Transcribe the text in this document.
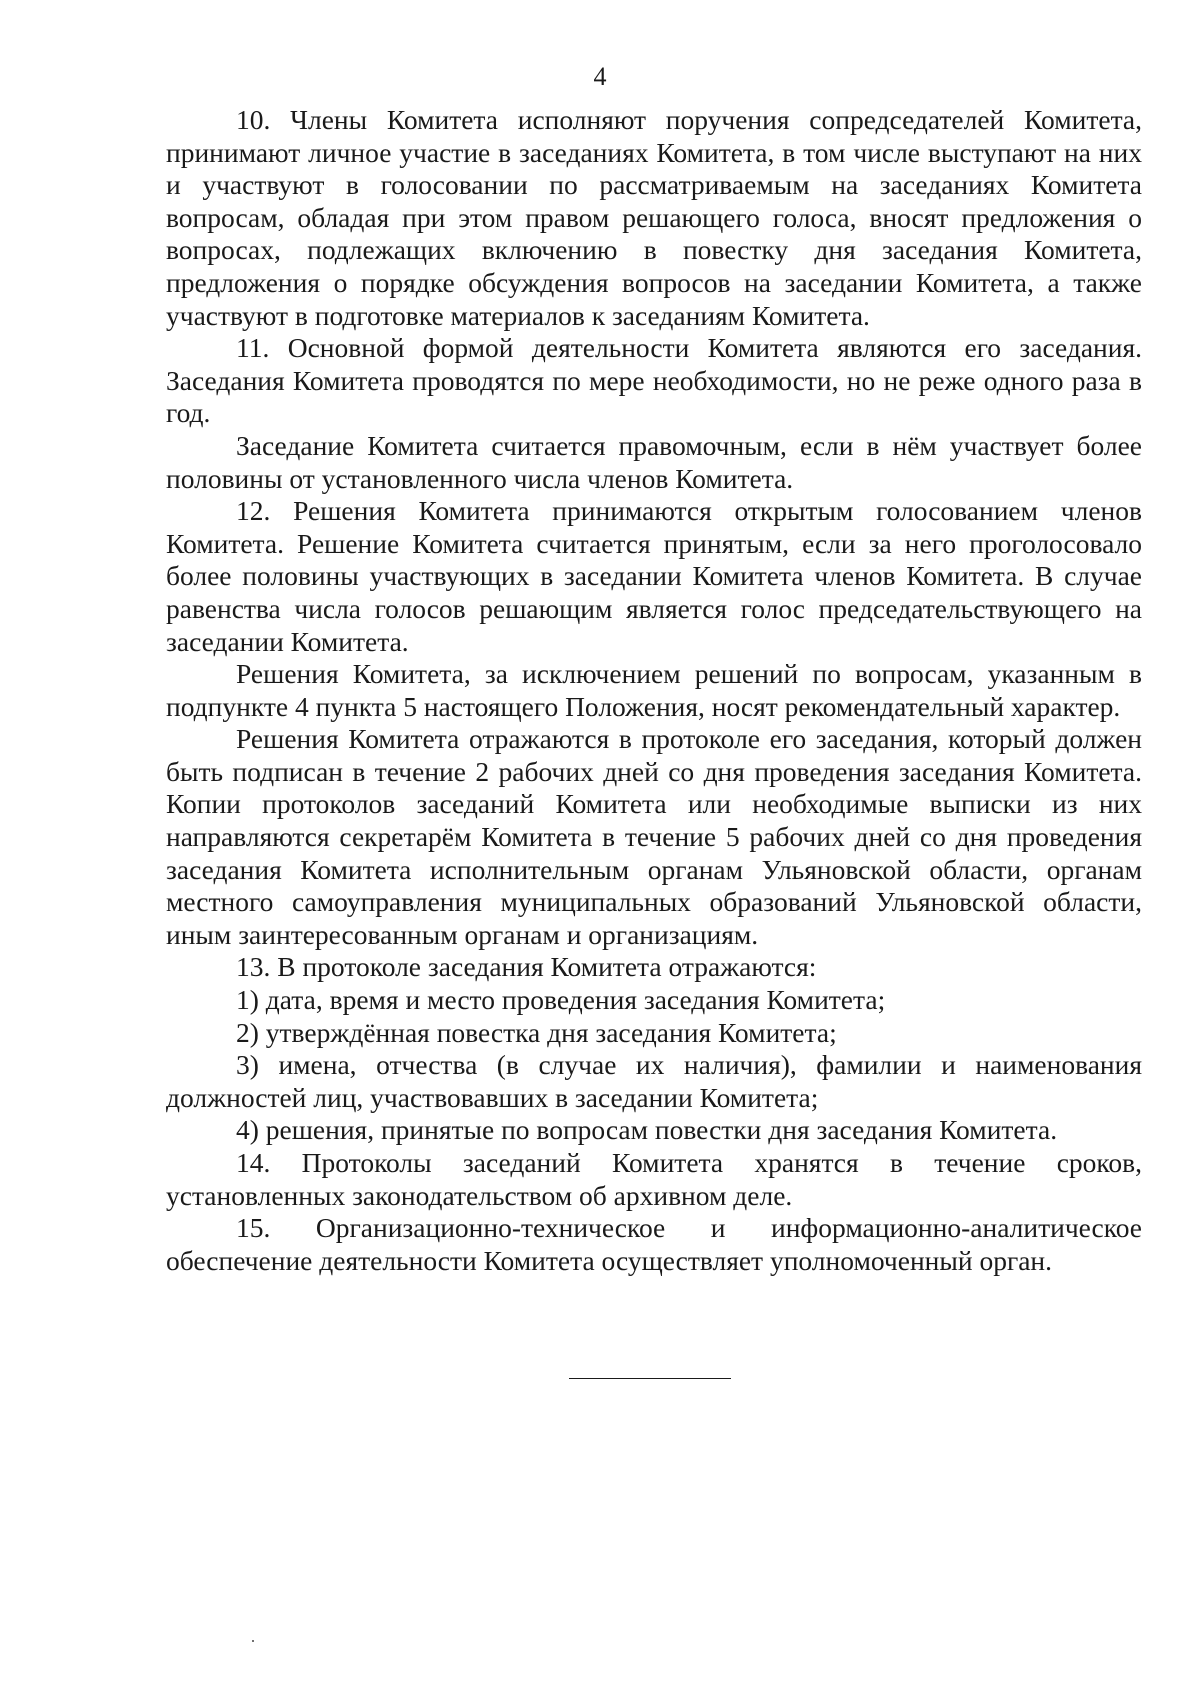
4

10. Члены Комитета исполняют поручения сопредседателей Комитета, принимают личное участие в заседаниях Комитета, в том числе выступают на них и участвуют в голосовании по рассматриваемым на заседаниях Комитета вопросам, обладая при этом правом решающего голоса, вносят предложения о вопросах, подлежащих включению в повестку дня заседания Комитета, предложения о порядке обсуждения вопросов на заседании Комитета, а также участвуют в подготовке материалов к заседаниям Комитета.

11. Основной формой деятельности Комитета являются его заседания. Заседания Комитета проводятся по мере необходимости, но не реже одного раза в год.

Заседание Комитета считается правомочным, если в нём участвует более половины от установленного числа членов Комитета.

12. Решения Комитета принимаются открытым голосованием членов Комитета. Решение Комитета считается принятым, если за него проголосовало более половины участвующих в заседании Комитета членов Комитета. В случае равенства числа голосов решающим является голос председательствующего на заседании Комитета.

Решения Комитета, за исключением решений по вопросам, указанным в подпункте 4 пункта 5 настоящего Положения, носят рекомендательный характер.

Решения Комитета отражаются в протоколе его заседания, который должен быть подписан в течение 2 рабочих дней со дня проведения заседания Комитета. Копии протоколов заседаний Комитета или необходимые выписки из них направляются секретарём Комитета в течение 5 рабочих дней со дня проведения заседания Комитета исполнительным органам Ульяновской области, органам местного самоуправления муниципальных образований Ульяновской области, иным заинтересованным органам и организациям.

13. В протоколе заседания Комитета отражаются:

1) дата, время и место проведения заседания Комитета;

2) утверждённая повестка дня заседания Комитета;

3) имена, отчества (в случае их наличия), фамилии и наименования должностей лиц, участвовавших в заседании Комитета;

4) решения, принятые по вопросам повестки дня заседания Комитета.

14. Протоколы заседаний Комитета хранятся в течение сроков, установленных законодательством об архивном деле.

15. Организационно-техническое и информационно-аналитическое обеспечение деятельности Комитета осуществляет уполномоченный орган.
